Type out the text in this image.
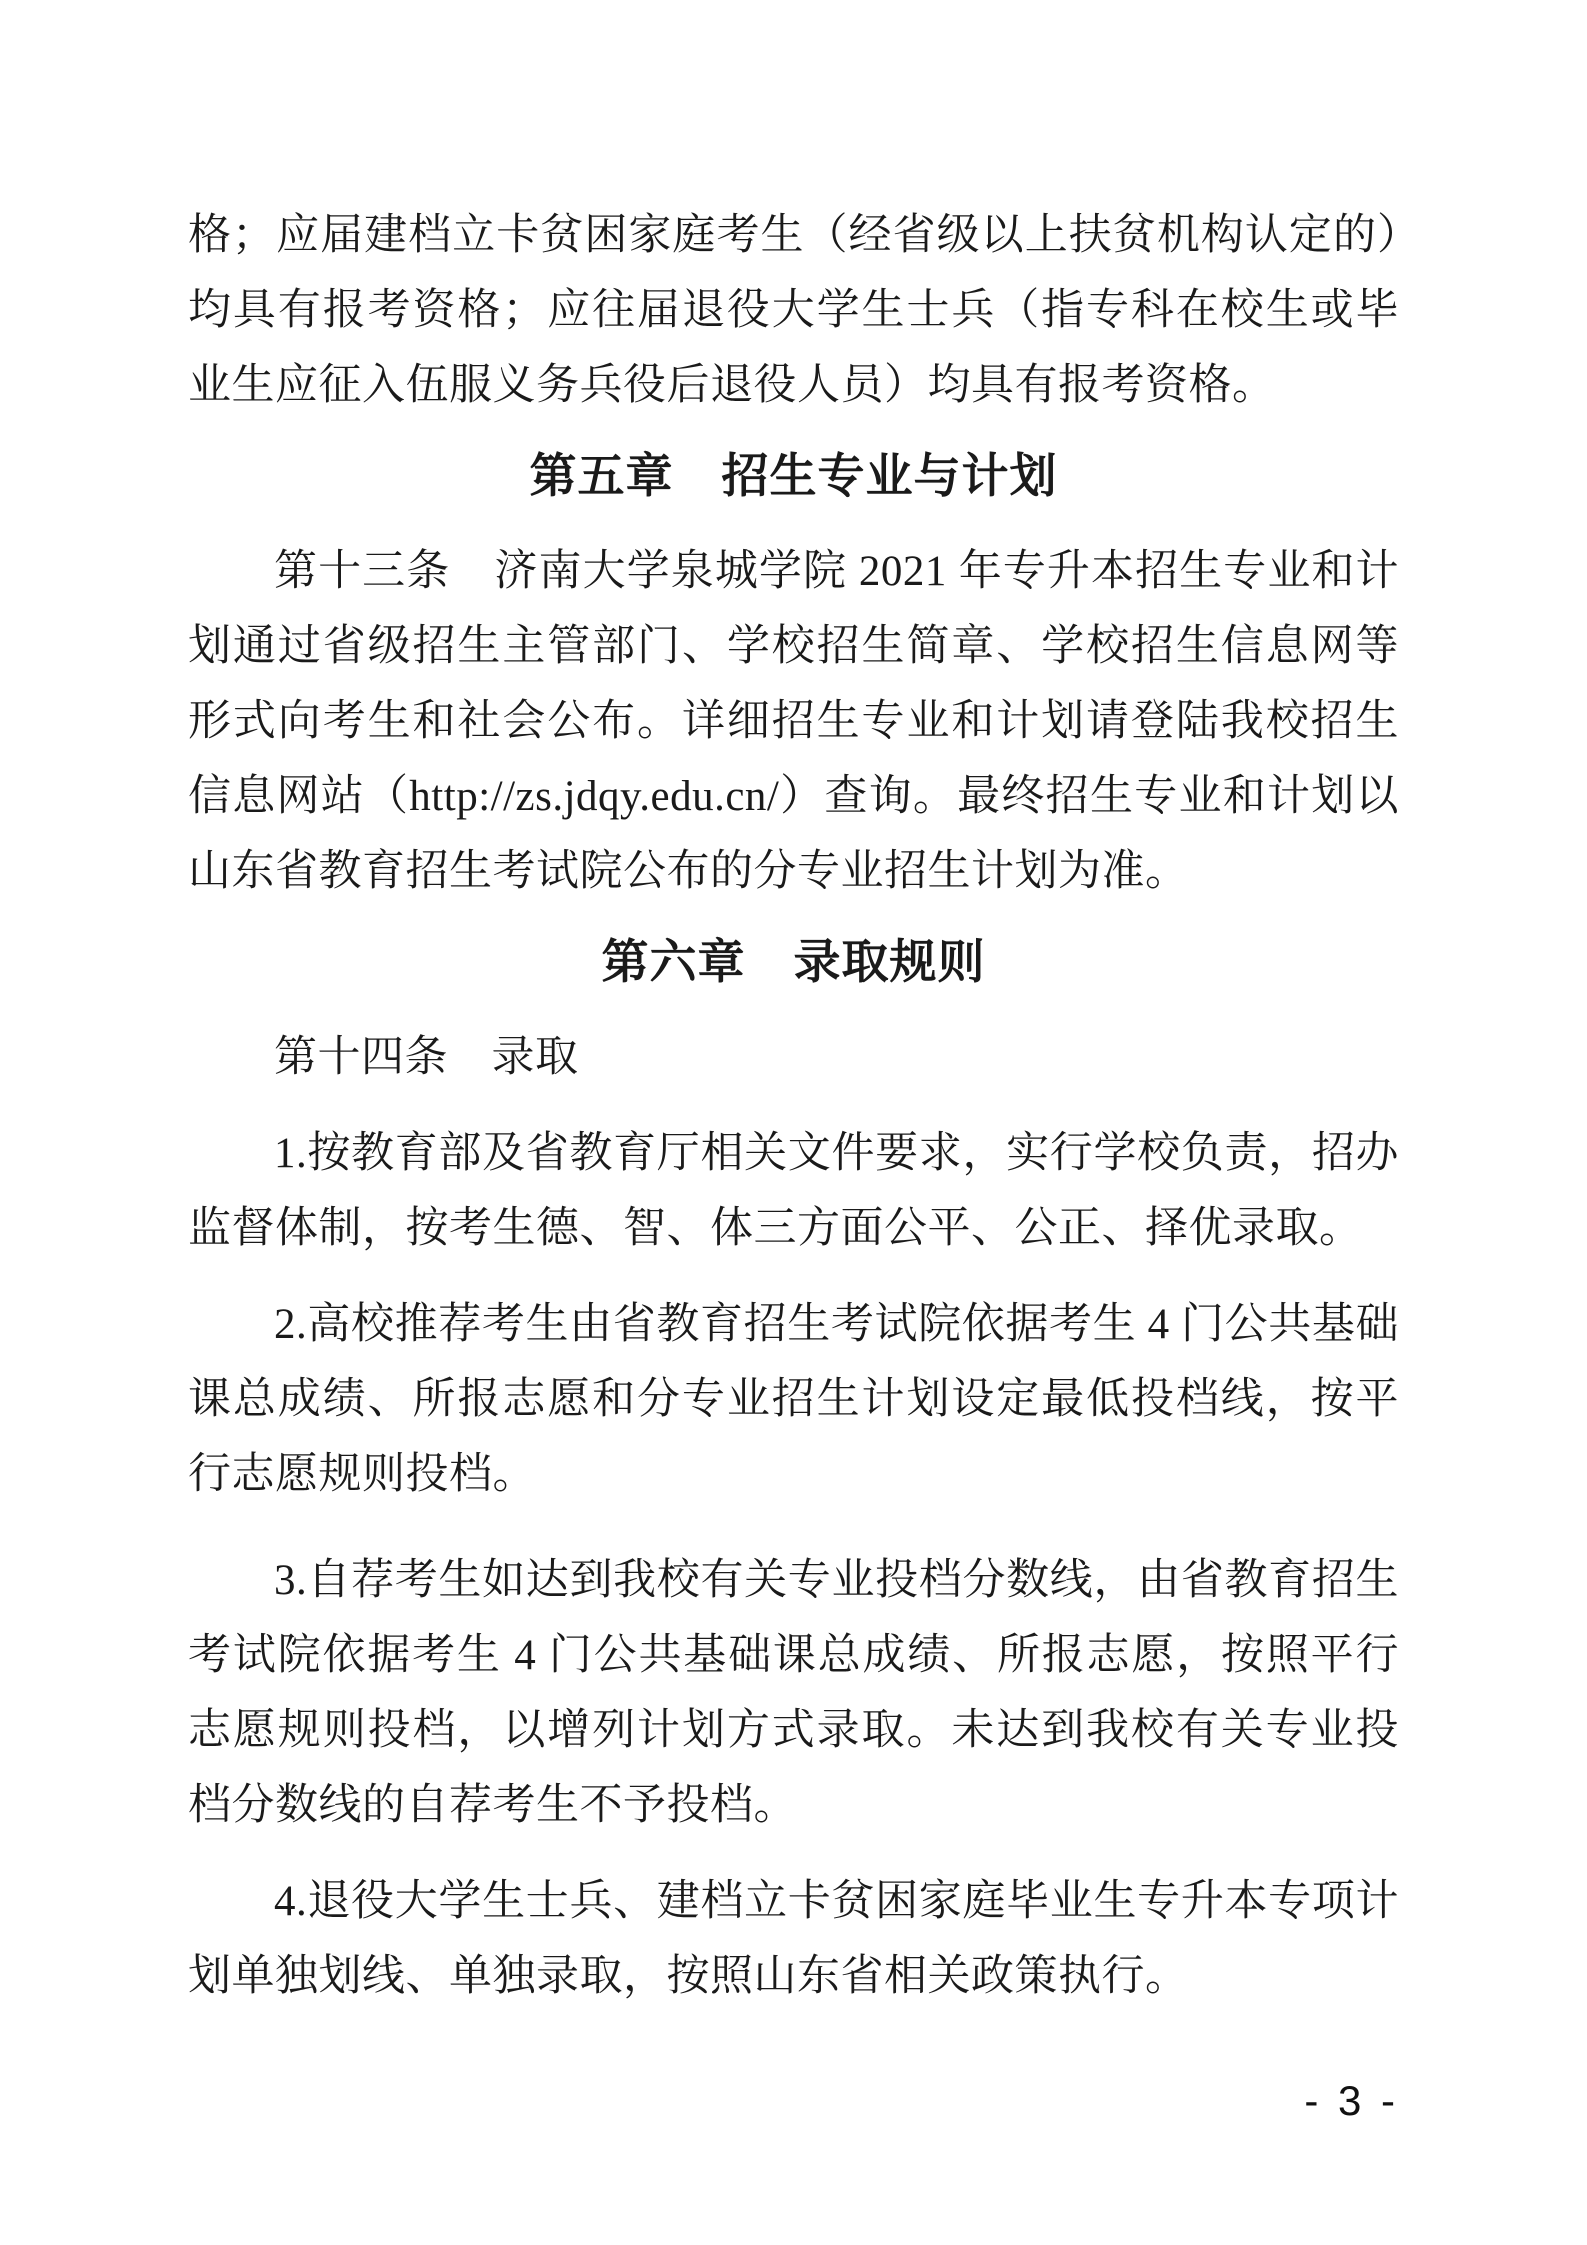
格；应届建档立卡贫困家庭考生（经省级以上扶贫机构认定的）均具有报考资格；应往届退役大学生士兵（指专科在校生或毕业生应征入伍服义务兵役后退役人员）均具有报考资格。

第五章　招生专业与计划

第十三条　济南大学泉城学院 2021 年专升本招生专业和计划通过省级招生主管部门、学校招生简章、学校招生信息网等形式向考生和社会公布。详细招生专业和计划请登陆我校招生信息网站（http://zs.jdqy.edu.cn/）查询。最终招生专业和计划以山东省教育招生考试院公布的分专业招生计划为准。

第六章　录取规则

第十四条　录取

1.按教育部及省教育厅相关文件要求，实行学校负责，招办监督体制，按考生德、智、体三方面公平、公正、择优录取。

2.高校推荐考生由省教育招生考试院依据考生 4 门公共基础课总成绩、所报志愿和分专业招生计划设定最低投档线，按平行志愿规则投档。

3.自荐考生如达到我校有关专业投档分数线，由省教育招生考试院依据考生 4 门公共基础课总成绩、所报志愿，按照平行志愿规则投档，以增列计划方式录取。未达到我校有关专业投档分数线的自荐考生不予投档。

4.退役大学生士兵、建档立卡贫困家庭毕业生专升本专项计划单独划线、单独录取，按照山东省相关政策执行。

- 3 -
